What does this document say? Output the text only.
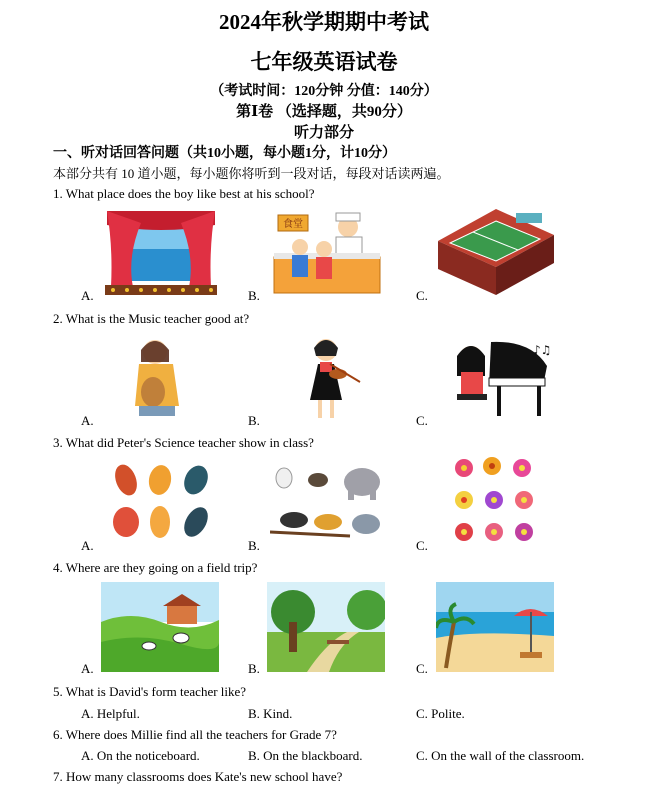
2024年秋学期期中考试
七年级英语试卷
（考试时间：120分钟 分值：140分）
第Ⅰ卷 （选择题，共90分）
听力部分
一、听对话回答问题（共10小题，每小题1分，计10分）
本部分共有 10 道小题，每小题你将听到一段对话，每段对话读两遍。
1. What place does the boy like best at his school?
食堂
A.	B.	C.
2. What is the Music teacher good at?
♪♫
A.	B.	C.
3. What did Peter's Science teacher show in class?
A.	B.	C.
4. Where are they going on a field trip?
A.	B.	C.
5. What is David's form teacher like?
A. Helpful.	B. Kind.	C. Polite.
6. Where does Millie find all the teachers for Grade 7?
A. On the noticeboard.	B. On the blackboard.	C. On the wall of the classroom.
7. How many classrooms does Kate's new school have?
